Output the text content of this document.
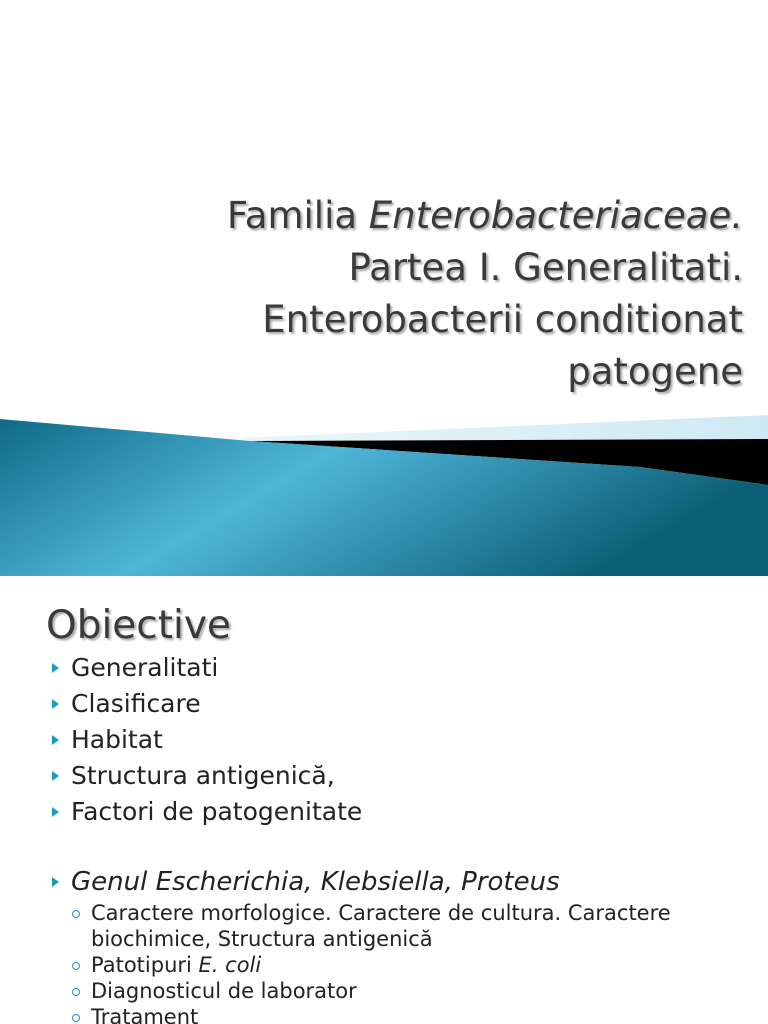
Familia Enterobacteriaceae.
Partea I. Generalitati.
Enterobacterii conditionat
patogene
Obiective
Generalitati
Clasificare
Habitat
Structura antigenică,
Factori de patogenitate
Genul Escherichia, Klebsiella, Proteus
Caractere morfologice. Caractere de cultura. Caractere biochimice, Structura antigenică
Patotipuri E. coli
Diagnosticul de laborator
Tratament
